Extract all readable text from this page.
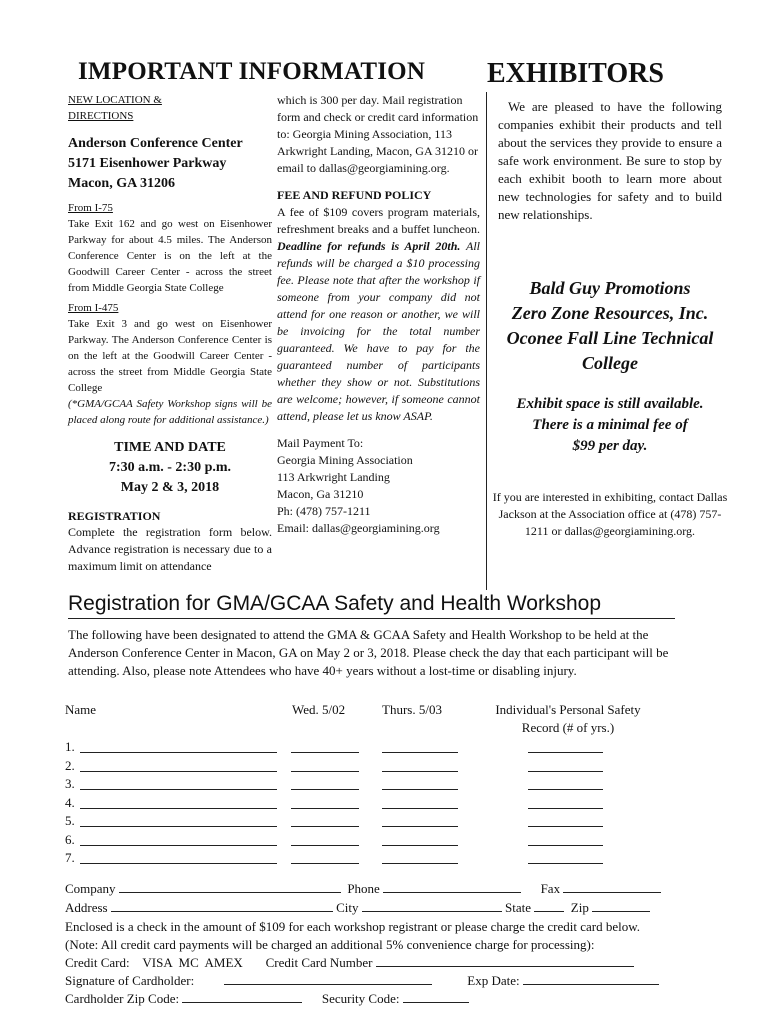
IMPORTANT INFORMATION EXHIBITORS
NEW LOCATION &
DIRECTIONS
Anderson Conference Center
5171 Eisenhower Parkway
Macon, GA 31206
From I-75
Take Exit 162 and go west on Eisenhower Parkway for about 4.5 miles. The Anderson Conference Center is on the left at the Goodwill Career Center - across the street from Middle Georgia State College
From I-475
Take Exit 3 and go west on Eisenhower Parkway. The Anderson Conference Center is on the left at the Goodwill Career Center - across the street from Middle Georgia State College
(*GMA/GCAA Safety Workshop signs will be placed along route for additional assistance.)
TIME AND DATE
7:30 a.m. - 2:30 p.m.
May 2 & 3, 2018
REGISTRATION
Complete the registration form below. Advance registration is necessary due to a maximum limit on attendance
which is 300 per day. Mail registration form and check or credit card information to: Georgia Mining Association, 113 Arkwright Landing, Macon, GA 31210 or email to dallas@georgiamining.org.
FEE AND REFUND POLICY
A fee of $109 covers program materials, refreshment breaks and a buffet luncheon. Deadline for refunds is April 20th. All refunds will be charged a $10 processing fee. Please note that after the workshop if someone from your company did not attend for one reason or another, we will be invoicing for the total number guaranteed. We have to pay for the guaranteed number of participants whether they show or not. Substitutions are welcome; however, if someone cannot attend, please let us know ASAP.
Mail Payment To:
Georgia Mining Association
113 Arkwright Landing
Macon, Ga 31210
Ph: (478) 757-1211
Email: dallas@georgiamining.org
We are pleased to have the following companies exhibit their products and tell about the services they provide to ensure a safe work environment. Be sure to stop by each exhibit booth to learn more about new technologies for safety and to build new relationships.
Bald Guy Promotions
Zero Zone Resources, Inc.
Oconee Fall Line Technical College
Exhibit space is still available.
There is a minimal fee of
$99 per day.
If you are interested in exhibiting, contact Dallas Jackson at the Association office at (478) 757-1211 or dallas@georgiamining.org.
Registration for GMA/GCAA Safety and Health Workshop
The following have been designated to attend the GMA & GCAA Safety and Health Workshop to be held at the Anderson Conference Center in Macon, GA on May 2 or 3, 2018. Please check the day that each participant will be attending. Also, please note Attendees who have 40+ years without a lost-time or disabling injury.
Name	Wed. 5/02	Thurs. 5/03	Individual's Personal Safety
Record (# of yrs.)
1.
2.
3.
4.
5.
6.
7.
Company	Phone	Fax
Address	City	State	Zip
Enclosed is a check in the amount of $109 for each workshop registrant or please charge the credit card below.
(Note: All credit card payments will be charged an additional 5% convenience charge for processing):
Credit Card: VISA  MC  AMEX Credit Card Number
Signature of Cardholder:	Exp Date:
Cardholder Zip Code:	Security Code:
